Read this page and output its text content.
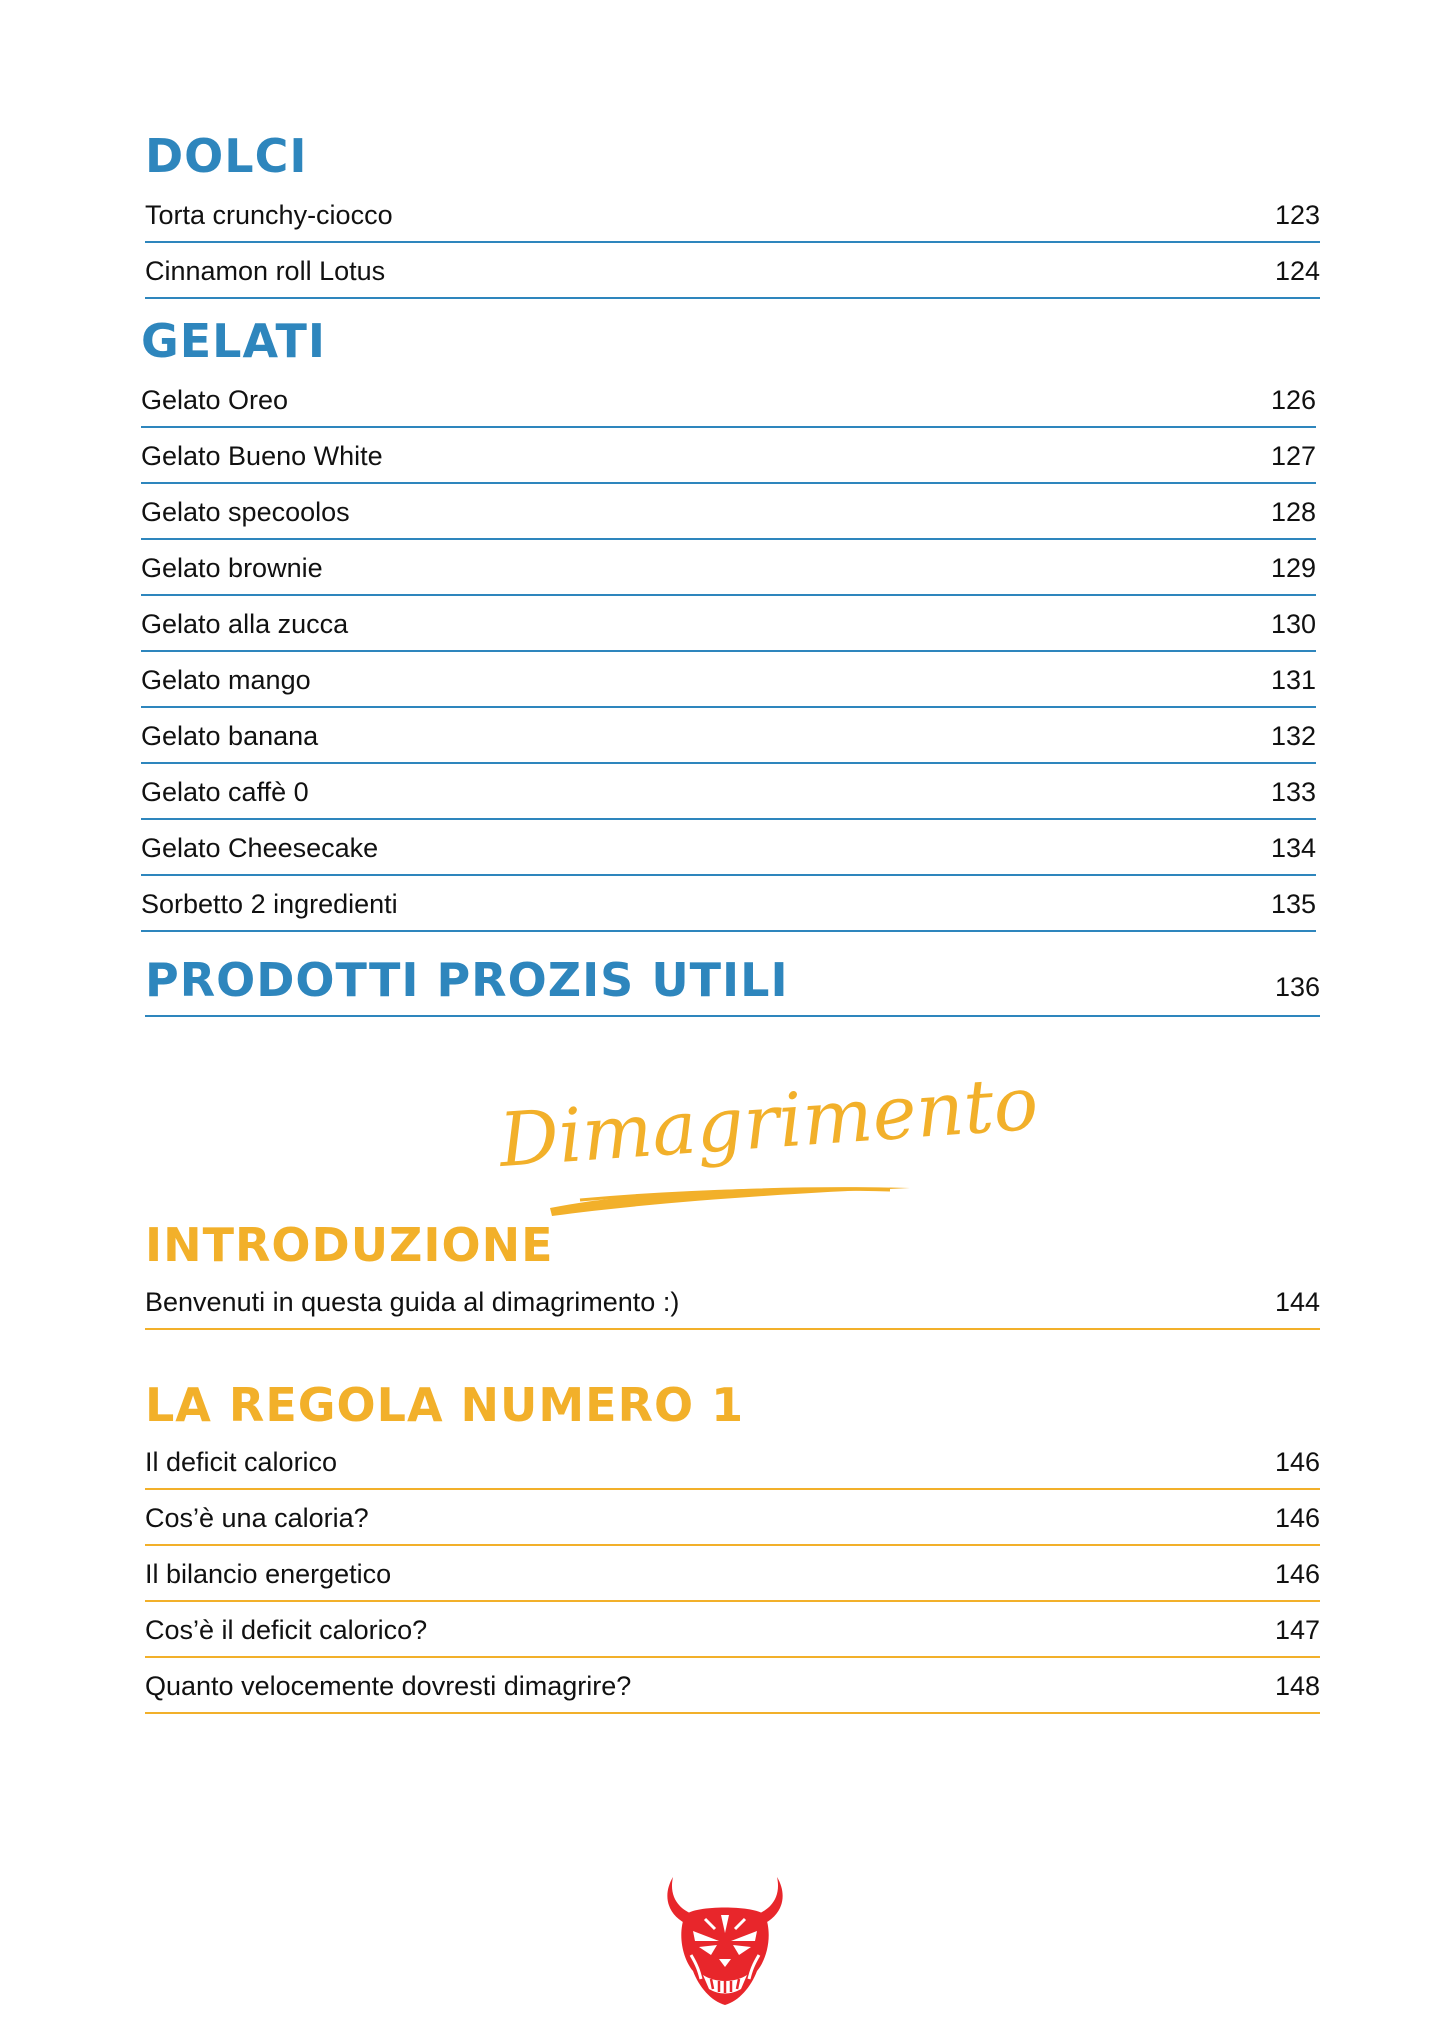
DOLCI
Torta crunchy-ciocco	123
Cinnamon roll Lotus	124
GELATI
Gelato Oreo	126
Gelato Bueno White	127
Gelato specoolos	128
Gelato brownie	129
Gelato alla zucca	130
Gelato mango	131
Gelato banana	132
Gelato caffè 0	133
Gelato Cheesecake	134
Sorbetto 2 ingredienti	135
PRODOTTI PROZIS UTILI	136
Dimagrimento
INTRODUZIONE
Benvenuti in questa guida al dimagrimento :)	144
LA REGOLA NUMERO 1
Il deficit calorico	146
Cos’è una caloria?	146
Il bilancio energetico	146
Cos’è il deficit calorico?	147
Quanto velocemente dovresti dimagrire?	148
